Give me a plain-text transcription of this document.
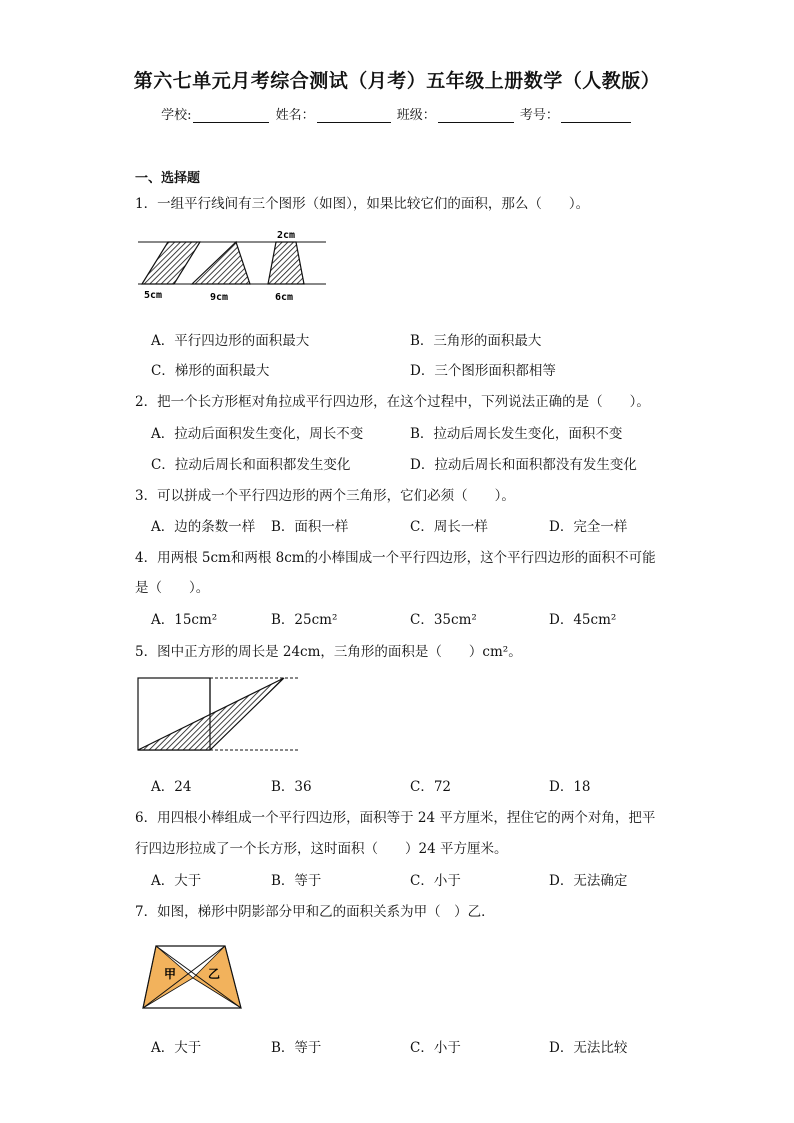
第六七单元月考综合测试（月考）五年级上册数学（人教版）
学校:	姓名：	班级：	考号：
一、选择题
1．一组平行线间有三个图形（如图），如果比较它们的面积，那么（　　）。
2cm
5cm	9cm	6cm
A．平行四边形的面积最大	B．三角形的面积最大
C．梯形的面积最大	D．三个图形面积都相等
2．把一个长方形框对角拉成平行四边形，在这个过程中，下列说法正确的是（　　）。
A．拉动后面积发生变化，周长不变	B．拉动后周长发生变化，面积不变
C．拉动后周长和面积都发生变化	D．拉动后周长和面积都没有发生变化
3．可以拼成一个平行四边形的两个三角形，它们必须（　　）。
A．边的条数一样 B．面积一样	C．周长一样	D．完全一样
4．用两根 5cm和两根 8cm的小棒围成一个平行四边形，这个平行四边形的面积不可能
是（　　）。
A．15cm²	B．25cm²	C．35cm²	D．45cm²
5．图中正方形的周长是 24cm，三角形的面积是（　　）cm²。
A．24	B．36	C．72	D．18
6．用四根小棒组成一个平行四边形，面积等于 24 平方厘米，捏住它的两个对角，把平
行四边形拉成了一个长方形，这时面积（　　）24 平方厘米。
A．大于	B．等于	C．小于	D．无法确定
7．如图，梯形中阴影部分甲和乙的面积关系为甲（　）乙．
甲	乙
A．大于	B．等于	C．小于	D．无法比较
